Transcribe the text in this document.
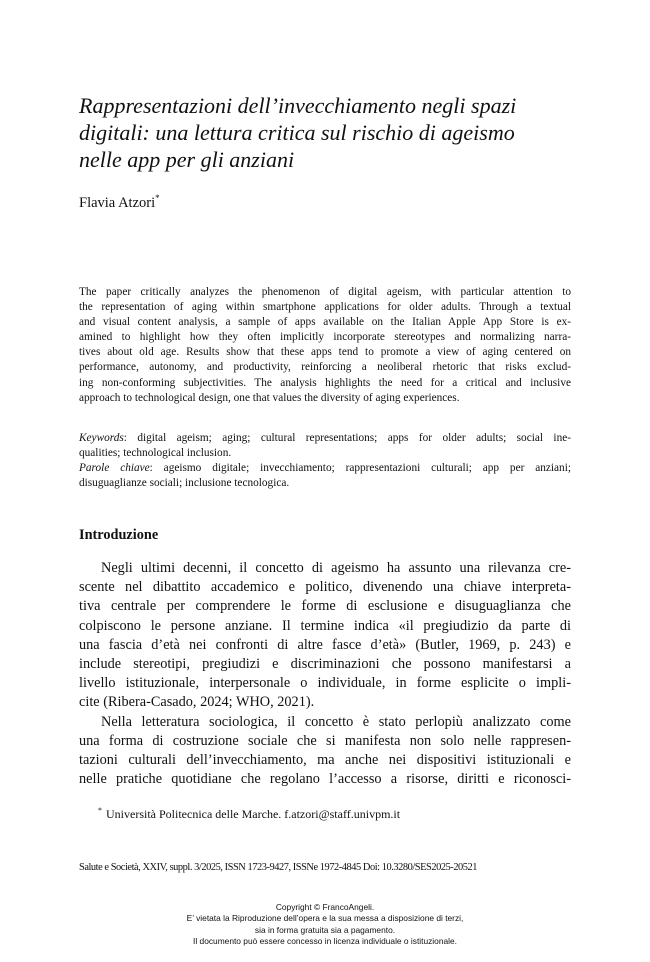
Rappresentazioni dell’invecchiamento negli spazi
digitali: una lettura critica sul rischio di ageismo
nelle app per gli anziani
Flavia Atzori*
The paper critically analyzes the phenomenon of digital ageism, with particular attention to
the representation of aging within smartphone applications for older adults. Through a textual
and visual content analysis, a sample of apps available on the Italian Apple App Store is ex-
amined to highlight how they often implicitly incorporate stereotypes and normalizing narra-
tives about old age. Results show that these apps tend to promote a view of aging centered on
performance, autonomy, and productivity, reinforcing a neoliberal rhetoric that risks exclud-
ing non-conforming subjectivities. The analysis highlights the need for a critical and inclusive
approach to technological design, one that values the diversity of aging experiences.
Keywords: digital ageism; aging; cultural representations; apps for older adults; social ine-
qualities; technological inclusion.
Parole chiave: ageismo digitale; invecchiamento; rappresentazioni culturali; app per anziani;
disuguaglianze sociali; inclusione tecnologica.
Introduzione
Negli ultimi decenni, il concetto di ageismo ha assunto una rilevanza cre-
scente nel dibattito accademico e politico, divenendo una chiave interpreta-
tiva centrale per comprendere le forme di esclusione e disuguaglianza che
colpiscono le persone anziane. Il termine indica «il pregiudizio da parte di
una fascia d’età nei confronti di altre fasce d’età» (Butler, 1969, p. 243) e
include stereotipi, pregiudizi e discriminazioni che possono manifestarsi a
livello istituzionale, interpersonale o individuale, in forme esplicite o impli-
cite (Ribera-Casado, 2024; WHO, 2021).
Nella letteratura sociologica, il concetto è stato perlopiù analizzato come
una forma di costruzione sociale che si manifesta non solo nelle rappresen-
tazioni culturali dell’invecchiamento, ma anche nei dispositivi istituzionali e
nelle pratiche quotidiane che regolano l’accesso a risorse, diritti e riconosci-
* Università Politecnica delle Marche. f.atzori@staff.univpm.it
Salute e Società, XXIV, suppl. 3/2025, ISSN 1723-9427, ISSNe 1972-4845 Doi: 10.3280/SES2025-20521
Copyright © FrancoAngeli.
E’ vietata la Riproduzione dell’opera e la sua messa a disposizione di terzi,
sia in forma gratuita sia a pagamento.
Il documento può essere concesso in licenza individuale o istituzionale.
